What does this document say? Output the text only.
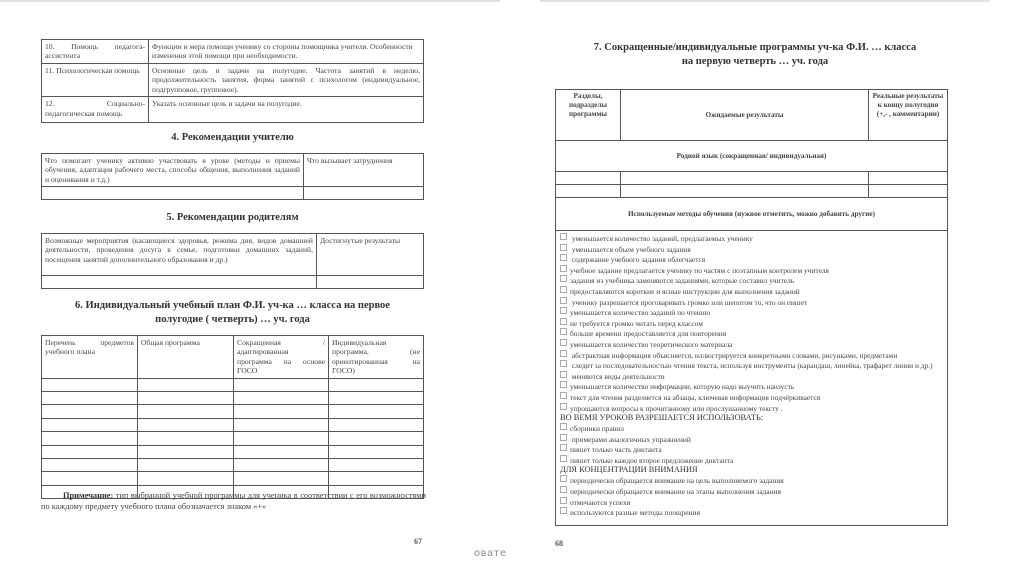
10. Помощь педагога-ассистента	Функции и мера помощи ученику со стороны помощника учителя. Особенности изменения этой помощи при необходимости.
11. Психологическая помощь	Основные цель и задачи на полугодие. Частота занятий в неделю, продолжительность занятия, форма занятий с психологом (индивидуальное, подгрупповое, групповое).
12. Социально- педагогическая помощь	Указать основные цель и задачи на полугодие.
4. Рекомендации учителю
Что помогает ученику активно участвовать в уроке (методы и приемы обучения, адаптация рабочего места, способы общения, выполнения заданий и оценивания и т.д.)	Что вызывает затруднения

5. Рекомендации родителям
Возможные мероприятия (касающиеся здоровья, режима дня, видов домашней деятельности, проведения досуга в семье, подготовки домашних заданий, посещения занятий дополнительного образования и др.)	Достигнутые результаты

6. Индивидуальный учебный план Ф.И. уч-ка … класса на первое
полугодие ( четверть) … уч. года
Перечень предметов учебного плана	Общая программа	Сокращенная /адаптированная программа на основе ГОСО	Индивидуальная программа, (не ориентированная на ГОСО)

Примечание: тип выбранной учебной программы для ученика в соответствии с его возможностями по каждому предмету учебного плана обозначается знаком «+»
67
7. Сокращенные/индивидуальные программы уч-ка Ф.И. … класса
на первую четверть … уч. года
Разделы, подразделы программы	Ожидаемые результаты	Реальные результаты к концу полугодия (+,- , комментарии)
Родной язык (сокращенная/ индивидуальная)		

Используемые методы обучения (нужное отметить, можно добавить другие)		

уменьшается количество заданий, предлагаемых ученику
уменьшается объем учебного задания
содержание учебного задания облегчается
учебное задание предлагается ученику по частям с поэтапным контролем учителя
задания из учебника заменяются заданиями, которые составил учитель
предоставляются короткие и ясные инструкции для выполнения заданий
ученику разрешается проговаривать громко или шепотом то, что он пишет
уменьшается количество заданий по чтению
не требуется громко читать перед классом
больше времени предоставляется для повторения
уменьшается количество теоретического материала
абстрактная информация объясняется, иллюстрируется конкретными словами, рисунками, предметами
следит за последовательностью чтения текста, используя инструменты (карандаш, линейка, трафарет линии и др.)
меняются виды деятельности
уменьшается количество информации, которую надо выучить наизусть
текст для чтения разделяется на абзацы, ключевая информация подчёркивается
упрощаются вопросы к прочитанному или прослушанному тексту .
ВО ВЕМЯ УРОКОВ РАЗРЕШАЕТСЯ ИСПОЛЬЗОВАТЬ:
сборники правил
примерами аналогичных упражнений
пишет только часть диктанта
пишет только каждое второе предложение диктанта
ДЛЯ КОНЦЕНТРАЦИИ ВНИМАНИЯ
периодически обращается внимание на цель выполняемого задания
периодически обращается внимание на этапы выполнения задания
отмечаются успехи
используются разные методы поощрения
68
овате
